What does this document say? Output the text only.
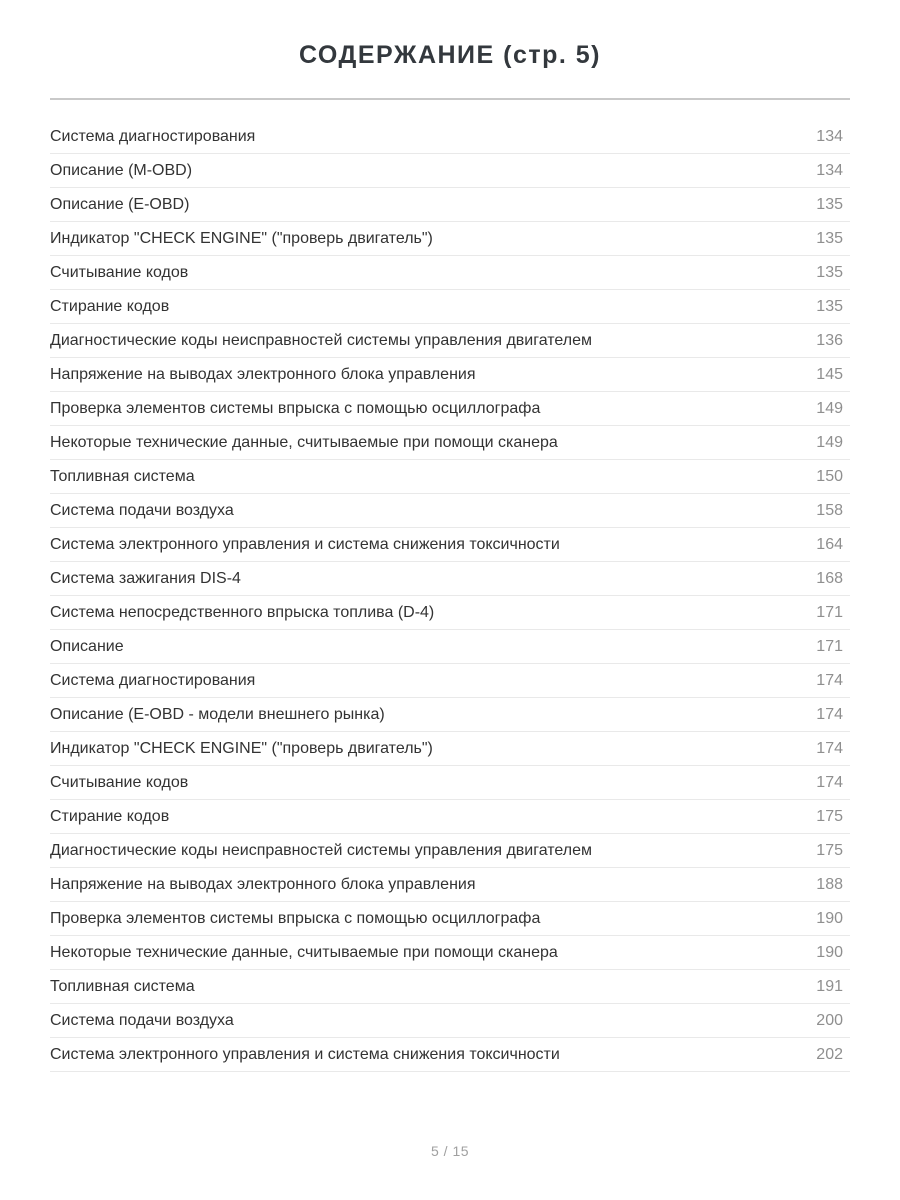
СОДЕРЖАНИЕ (стр. 5)
Система диагностирования	134
Описание (M-OBD)	134
Описание (E-OBD)	135
Индикатор "CHECK ENGINE" ("проверь двигатель")	135
Считывание кодов	135
Стирание кодов	135
Диагностические коды неисправностей системы управления двигателем	136
Напряжение на выводах электронного блока управления	145
Проверка элементов системы впрыска с помощью осциллографа	149
Некоторые технические данные, считываемые при помощи сканера	149
Топливная система	150
Система подачи воздуха	158
Система электронного управления и система снижения токсичности	164
Система зажигания DIS-4	168
Система непосредственного впрыска топлива (D-4)	171
Описание	171
Система диагностирования	174
Описание (E-OBD - модели внешнего рынка)	174
Индикатор "CHECK ENGINE" ("проверь двигатель")	174
Считывание кодов	174
Стирание кодов	175
Диагностические коды неисправностей системы управления двигателем	175
Напряжение на выводах электронного блока управления	188
Проверка элементов системы впрыска с помощью осциллографа	190
Некоторые технические данные, считываемые при помощи сканера	190
Топливная система	191
Система подачи воздуха	200
Система электронного управления и система снижения токсичности	202
5 / 15
